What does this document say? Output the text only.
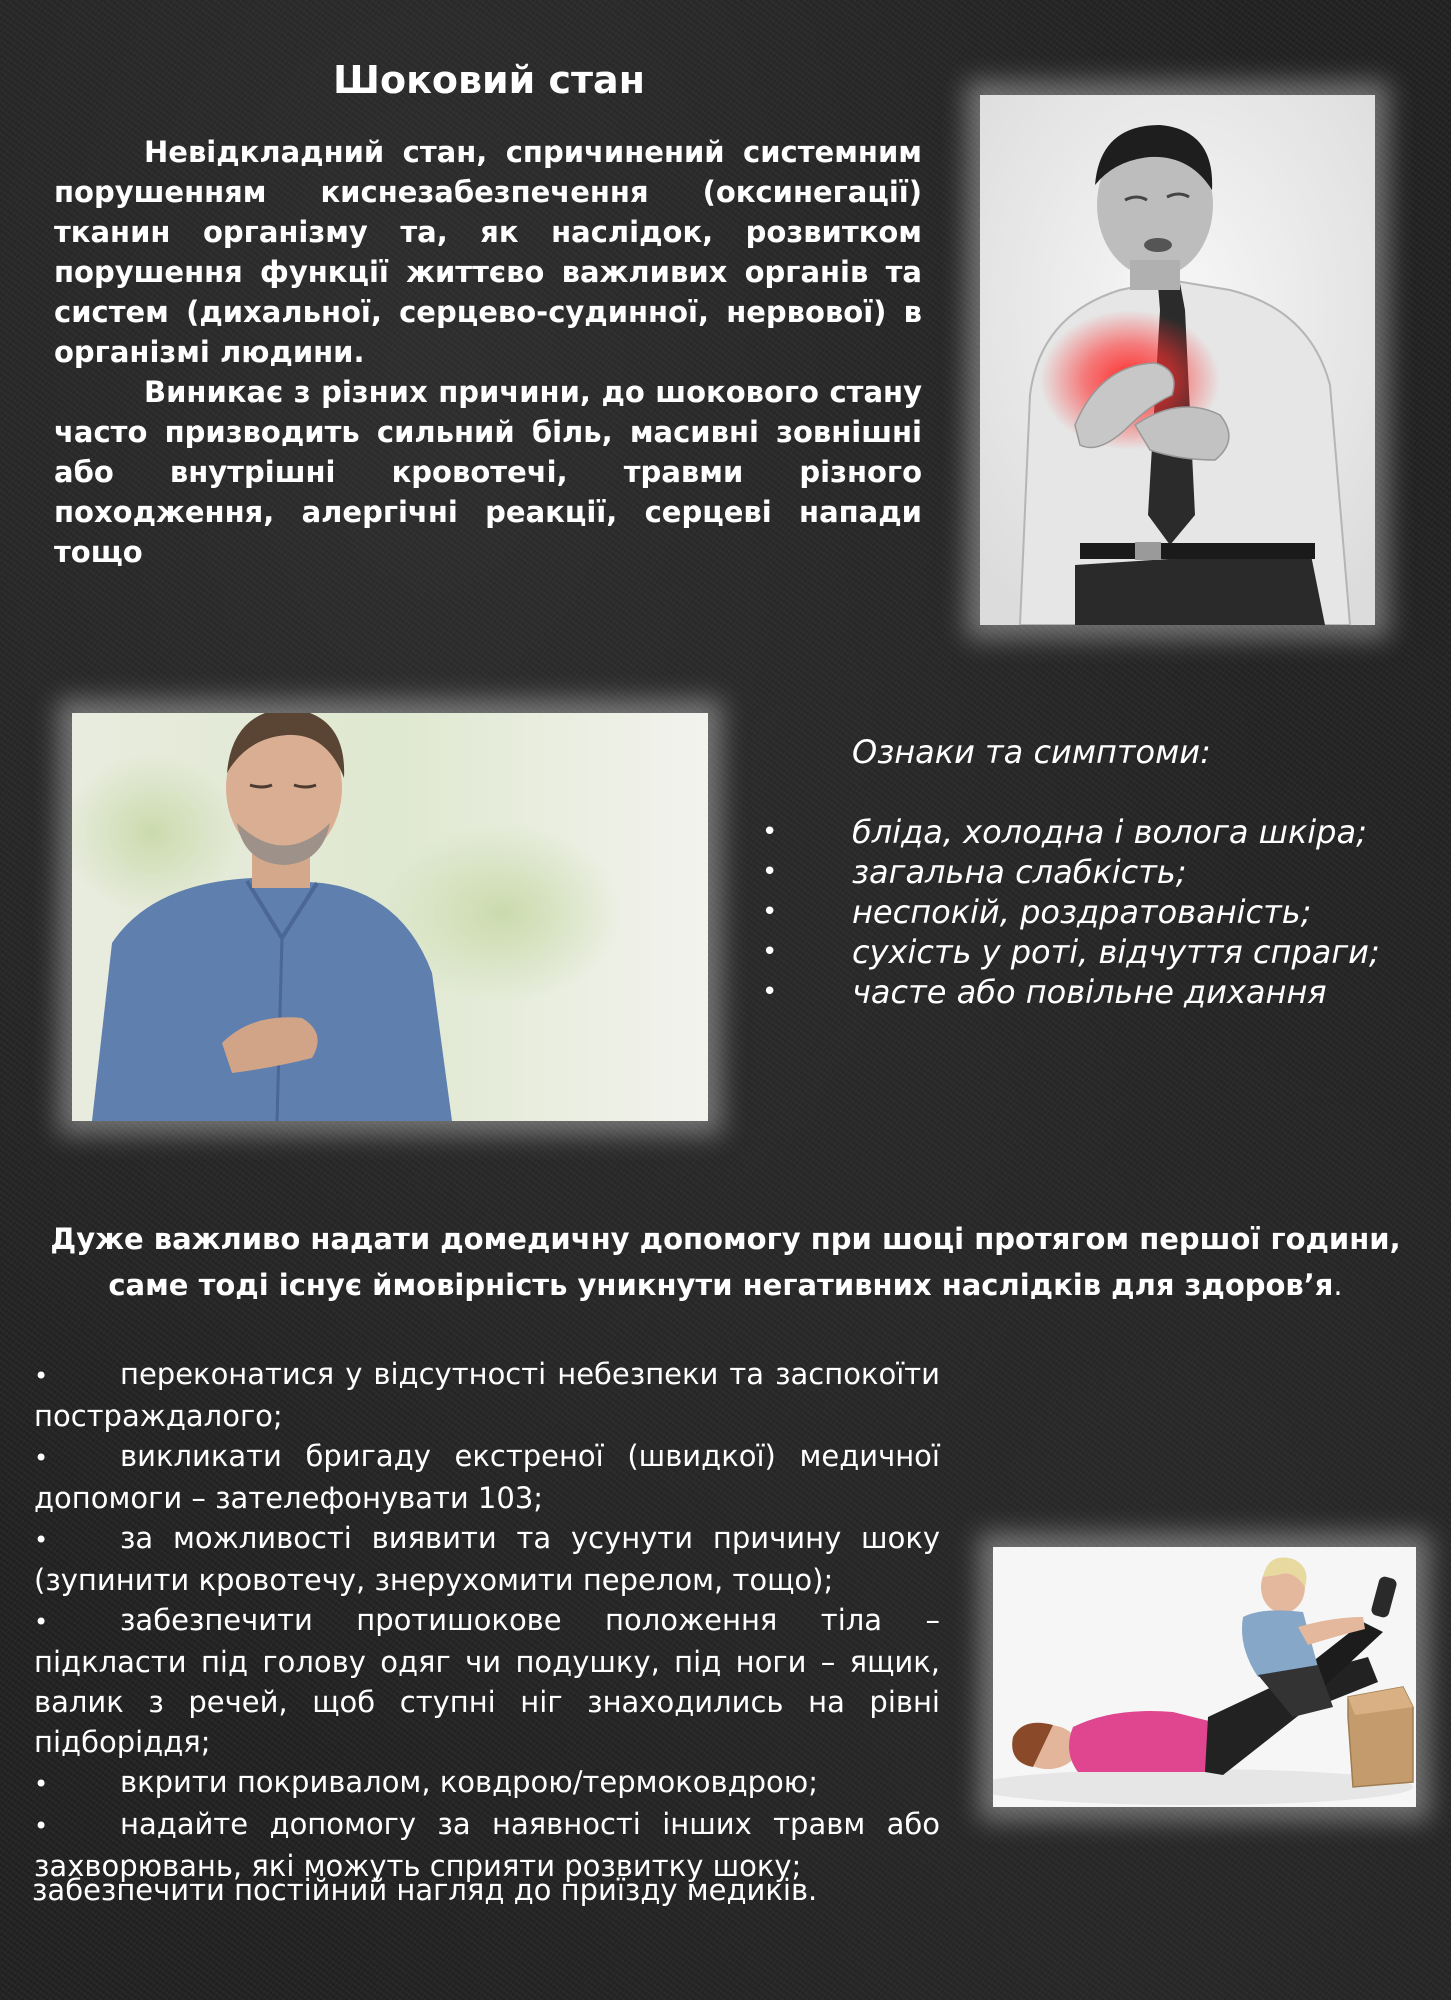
Шоковий стан

Невідкладний стан, спричинений системним порушенням киснезабезпечення (оксинегації) тканин організму та, як наслідок, розвитком порушення функції життєво важливих органів та систем (дихальної, серцево-судинної, нервової) в організмі людини.

Виникає з різних причини, до шокового стану часто призводить сильний біль, масивні зовнішні або внутрішні кровотечі, травми різного походження, алергічні реакції, серцеві напади тощо

Ознаки та симптоми:

• бліда, холодна і волога шкіра;
• загальна слабкість;
• неспокій, роздратованість;
• сухість у роті, відчуття спраги;
• часте або повільне дихання

Дуже важливо надати домедичну допомогу при шоці протягом першої години, саме тоді існує ймовірність уникнути негативних наслідків для здоров’я.

• переконатися у відсутності небезпеки та заспокоїти постраждалого;
• викликати бригаду екстреної (швидкої) медичної допомоги – зателефонувати 103;
• за можливості виявити та усунути причину шоку (зупинити кровотечу, знерухомити перелом, тощо);
• забезпечити протишокове положення тіла – підкласти під голову одяг чи подушку, під ноги – ящик, валик з речей, щоб ступні ніг знаходились на рівні підборіддя;
• вкрити покривалом, ковдрою/термоковдрою;
• надайте допомогу за наявності інших травм або захворювань, які можуть сприяти розвитку шоку;

забезпечити постійний нагляд до приїзду медиків.
